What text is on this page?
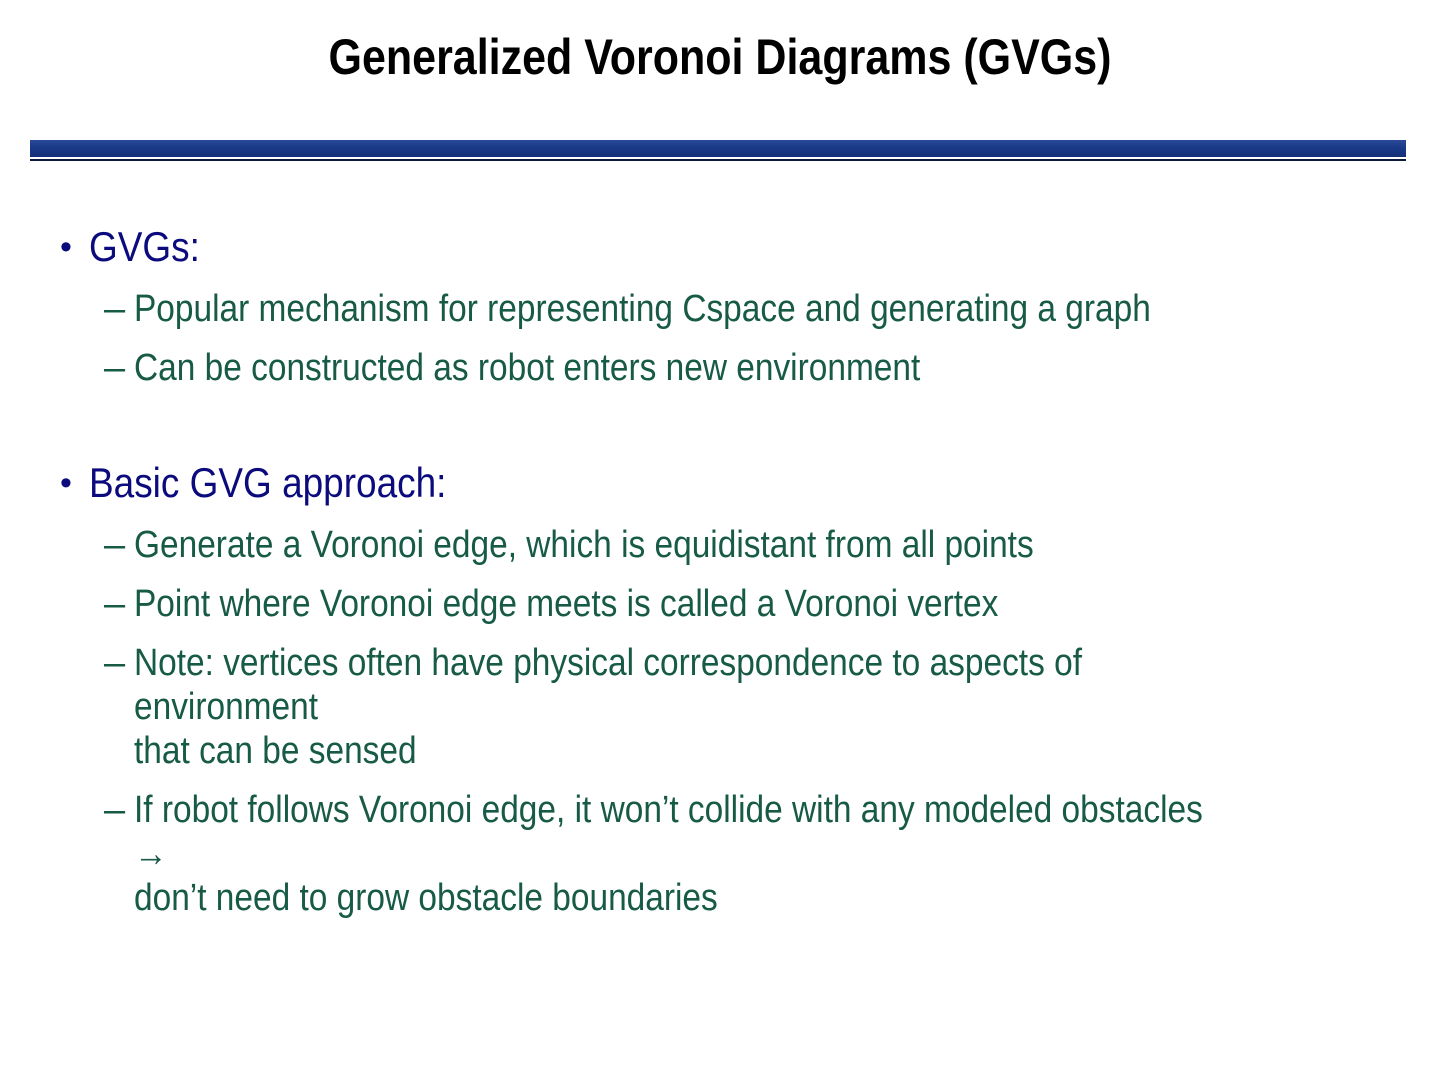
Generalized Voronoi Diagrams (GVGs)
• GVGs:
– Popular mechanism for representing Cspace and generating a graph
– Can be constructed as robot enters new environment
• Basic GVG approach:
– Generate a Voronoi edge, which is equidistant from all points
– Point where Voronoi edge meets is called a Voronoi vertex
– Note: vertices often have physical correspondence to aspects of environment
that can be sensed
– If robot follows Voronoi edge, it won’t collide with any modeled obstacles →
don’t need to grow obstacle boundaries
